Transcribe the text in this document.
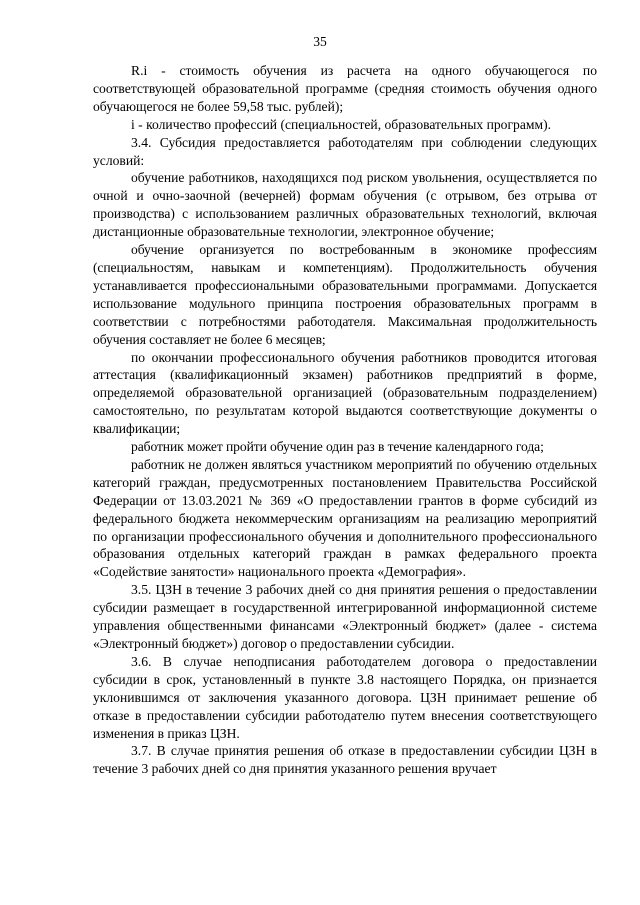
35

R.i - стоимость обучения из расчета на одного обучающегося по соответствующей образовательной программе (средняя стоимость обучения одного обучающегося не более 59,58 тыс. рублей);

i - количество профессий (специальностей, образовательных программ).

3.4. Субсидия предоставляется работодателям при соблюдении следующих условий:

обучение работников, находящихся под риском увольнения, осуществляется по очной и очно-заочной (вечерней) формам обучения (с отрывом, без отрыва от производства) с использованием различных образовательных технологий, включая дистанционные образовательные технологии, электронное обучение;

обучение организуется по востребованным в экономике профессиям (специальностям, навыкам и компетенциям). Продолжительность обучения устанавливается профессиональными образовательными программами. Допускается использование модульного принципа построения образовательных программ в соответствии с потребностями работодателя. Максимальная продолжительность обучения составляет не более 6 месяцев;

по окончании профессионального обучения работников проводится итоговая аттестация (квалификационный экзамен) работников предприятий в форме, определяемой образовательной организацией (образовательным подразделением) самостоятельно, по результатам которой выдаются соответствующие документы о квалификации;

работник может пройти обучение один раз в течение календарного года;

работник не должен являться участником мероприятий по обучению отдельных категорий граждан, предусмотренных постановлением Правительства Российской Федерации от 13.03.2021 № 369 «О предоставлении грантов в форме субсидий из федерального бюджета некоммерческим организациям на реализацию мероприятий по организации профессионального обучения и дополнительного профессионального образования отдельных категорий граждан в рамках федерального проекта «Содействие занятости» национального проекта «Демография».

3.5. ЦЗН в течение 3 рабочих дней со дня принятия решения о предоставлении субсидии размещает в государственной интегрированной информационной системе управления общественными финансами «Электронный бюджет» (далее - система «Электронный бюджет») договор о предоставлении субсидии.

3.6. В случае неподписания работодателем договора о предоставлении субсидии в срок, установленный в пункте 3.8 настоящего Порядка, он признается уклонившимся от заключения указанного договора. ЦЗН принимает решение об отказе в предоставлении субсидии работодателю путем внесения соответствующего изменения в приказ ЦЗН.

3.7. В случае принятия решения об отказе в предоставлении субсидии ЦЗН в течение 3 рабочих дней со дня принятия указанного решения вручает
